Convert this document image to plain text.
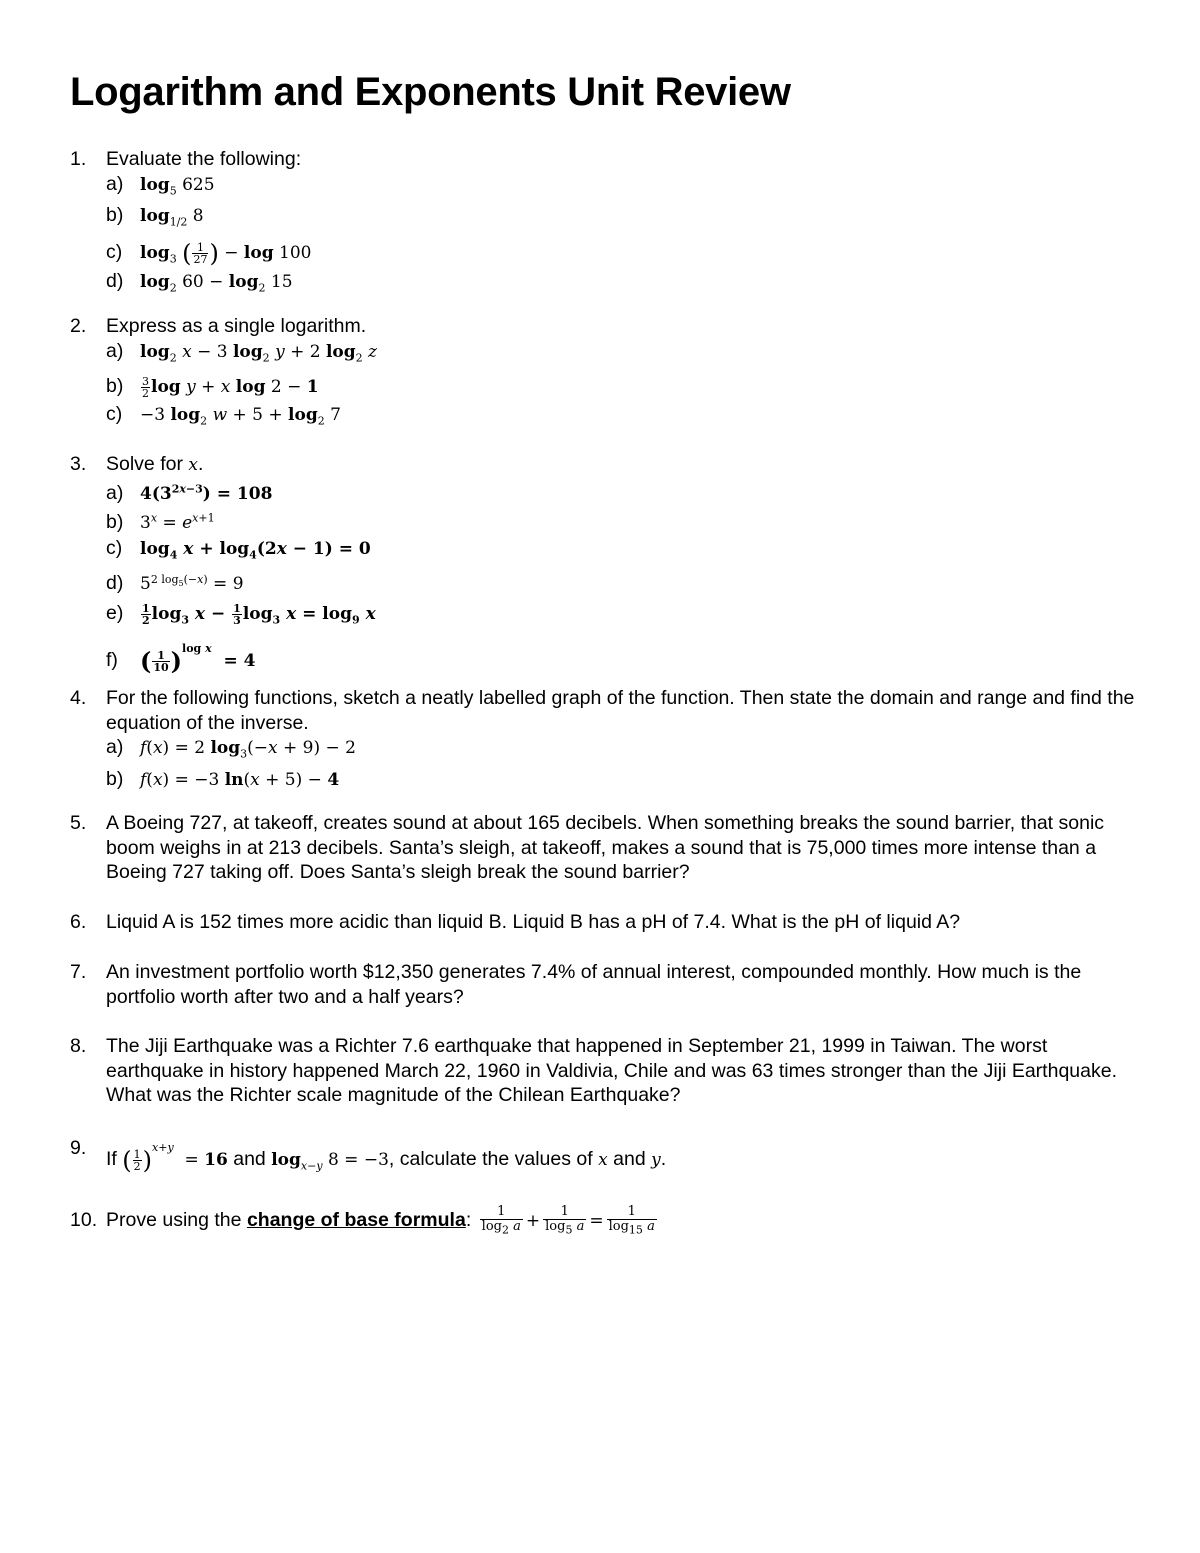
Logarithm and Exponents Unit Review
1. Evaluate the following:
a) $\log_5 625$
b) $\log_{1/2} 8$
c) $\log_3$ ( $\frac{1}{27}$ ) − log 100
d) $\log_2 60 - \log_2 15$
2. Express as a single logarithm.
a) $\log_2 x - 3$ $\log_2 y + 2$ $\log_2 z$
$b) \frac{3}{2}$ log y + x log 2 − 1
c) −3 $\log_2 w + 5 + \log_2 7$
3. Solve for x.
a) $4(3^{2x-3}) = 108$
b) $3^x = e^{x+1}$
c) $\log_4 x + \log_4(2x - 1) = 0$
d) $5^{2 log_5(-x)} = 9$
$e) \frac{1}{2} \log_3 x - \frac{1}{3} \log_3 x = \log_9 x$
f) ( $\frac{1}{10} )^{log x} = 4$
4. For the following functions, sketch a neatly labelled graph of the function. Then state the domain and range and find the equation of the inverse.
a) f(x) = 2 $\log_3(-x + 9) - 2$
b) f(x) = −3 ln(x + 5) − 4
5. A Boeing 727, at takeoff, creates sound at about 165 decibels. When something breaks the sound barrier, that sonic boom weighs in at 213 decibels. Santa’s sleigh, at takeoff, makes a sound that is 75,000 times more intense than a Boeing 727 taking off. Does Santa’s sleigh break the sound barrier?
6. Liquid A is 152 times more acidic than liquid B. Liquid B has a pH of 7.4. What is the pH of liquid A?
7. An investment portfolio worth $12,350 generates 7.4% of annual interest, compounded monthly. How much is the portfolio worth after two and a half years?
8. The Jiji Earthquake was a Richter 7.6 earthquake that happened in September 21, 1999 in Taiwan. The worst earthquake in history happened March 22, 1960 in Valdivia, Chile and was 63 times stronger than the Jiji Earthquake. What was the Richter scale magnitude of the Chilean Earthquake?
9. If ( $\frac{1}{2} )^{x+y} = 16$ and $\log_{x-y} 8 = -3$, calculate the values of x and y.
10. Prove using the change of base formula: $\frac{1}{\log_2 a} + \frac{1}{\log_5 a} = \frac{1}{\log_{15} a}$
